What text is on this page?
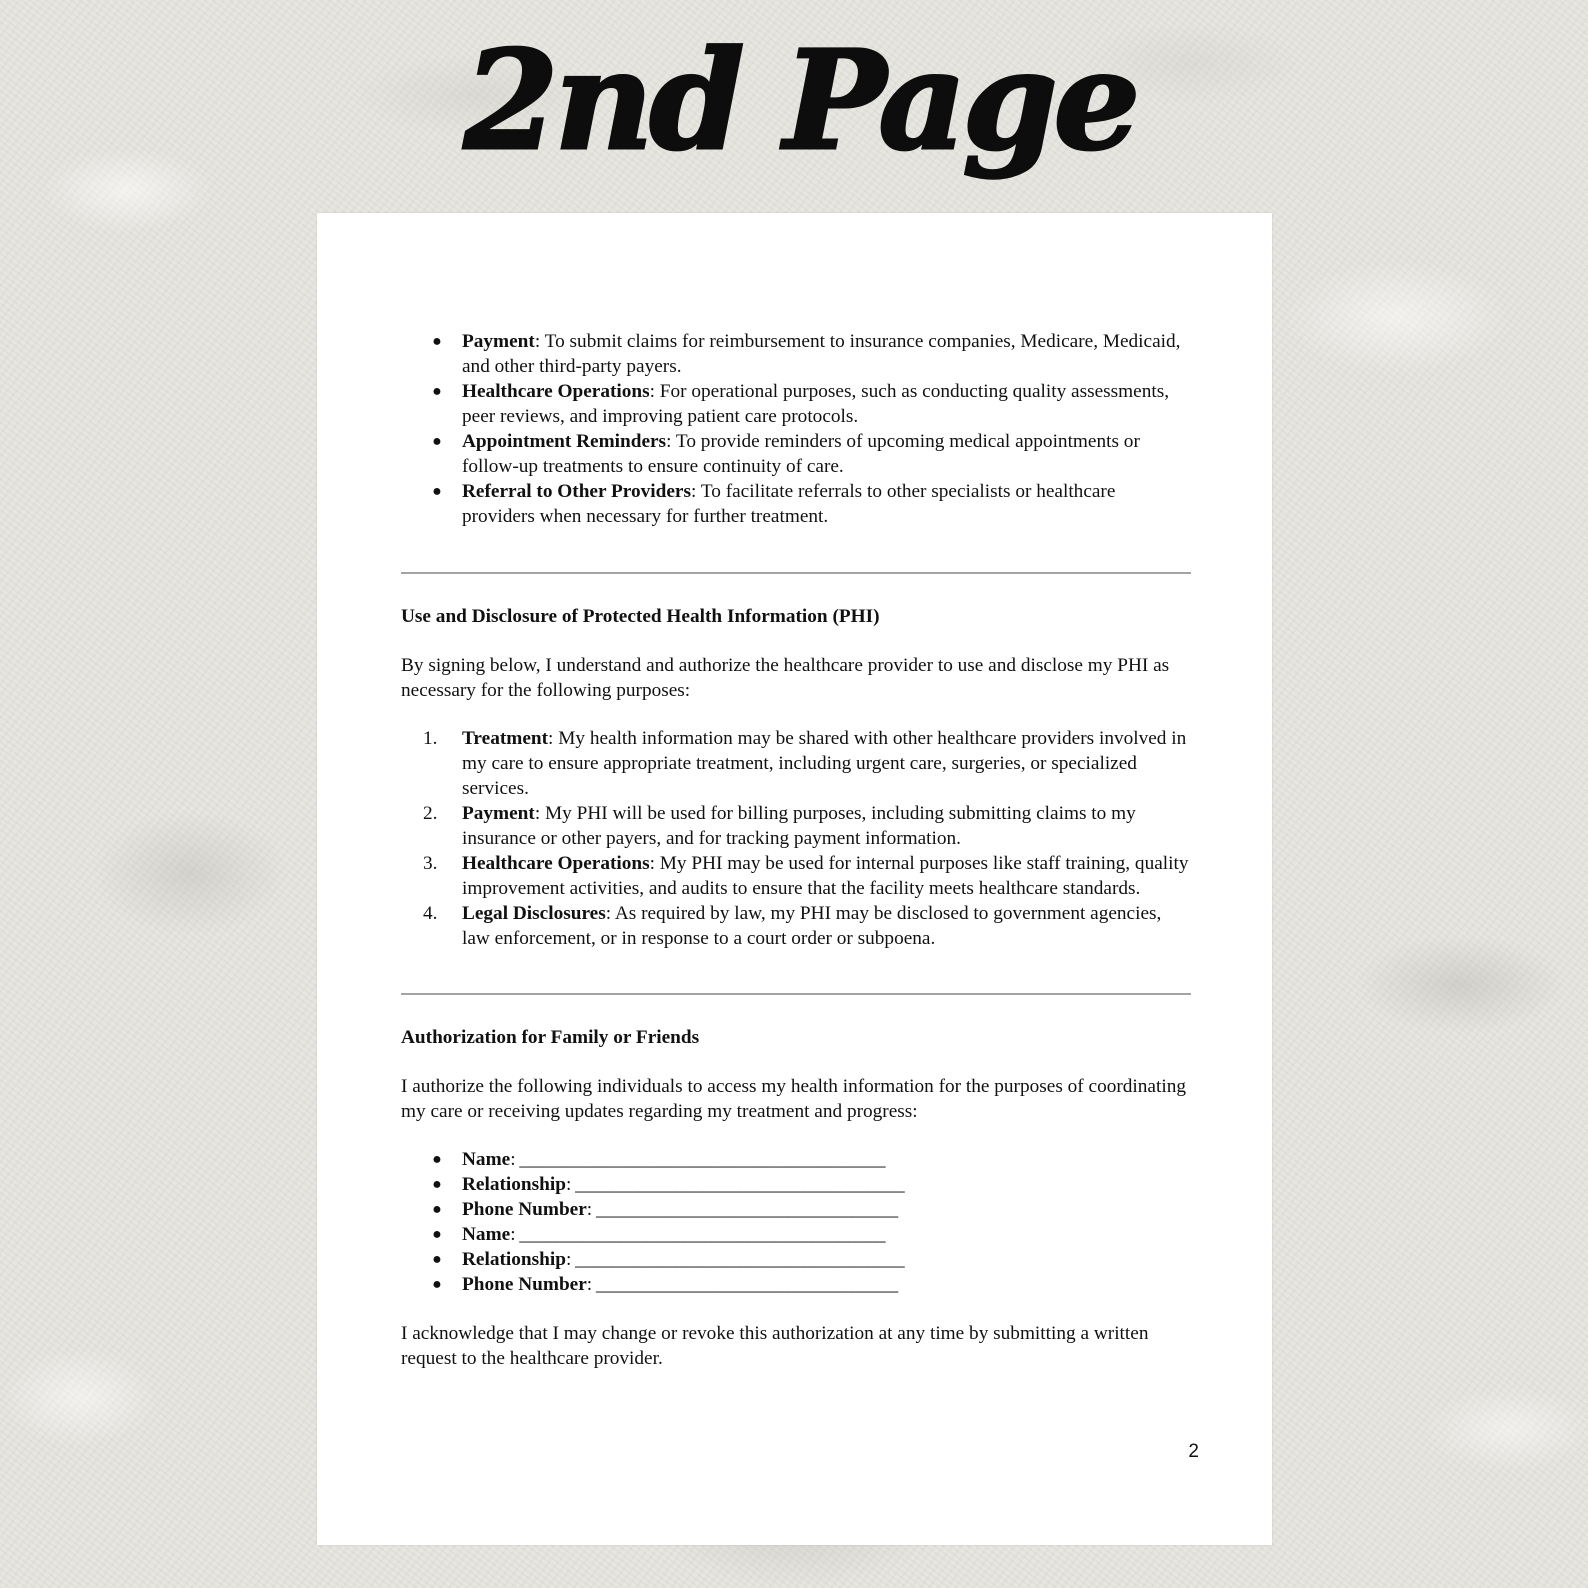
2nd Page
● Payment: To submit claims for reimbursement to insurance companies, Medicare, Medicaid, and other third-party payers.
● Healthcare Operations: For operational purposes, such as conducting quality assessments, peer reviews, and improving patient care protocols.
● Appointment Reminders: To provide reminders of upcoming medical appointments or follow-up treatments to ensure continuity of care.
● Referral to Other Providers: To facilitate referrals to other specialists or healthcare providers when necessary for further treatment.

Use and Disclosure of Protected Health Information (PHI)

By signing below, I understand and authorize the healthcare provider to use and disclose my PHI as necessary for the following purposes:

1.	Treatment: My health information may be shared with other healthcare providers involved in my care to ensure appropriate treatment, including urgent care, surgeries, or specialized services.
2.	Payment: My PHI will be used for billing purposes, including submitting claims to my insurance or other payers, and for tracking payment information.
3.	Healthcare Operations: My PHI may be used for internal purposes like staff training, quality improvement activities, and audits to ensure that the facility meets healthcare standards.
4.	Legal Disclosures: As required by law, my PHI may be disclosed to government agencies, law enforcement, or in response to a court order or subpoena.

Authorization for Family or Friends

I authorize the following individuals to access my health information for the purposes of coordinating my care or receiving updates regarding my treatment and progress:

● Name: ________________________________________
● Relationship: ____________________________________
● Phone Number: _________________________________
● Name: ________________________________________
● Relationship: ____________________________________
● Phone Number: _________________________________

I acknowledge that I may change or revoke this authorization at any time by submitting a written request to the healthcare provider.

2
